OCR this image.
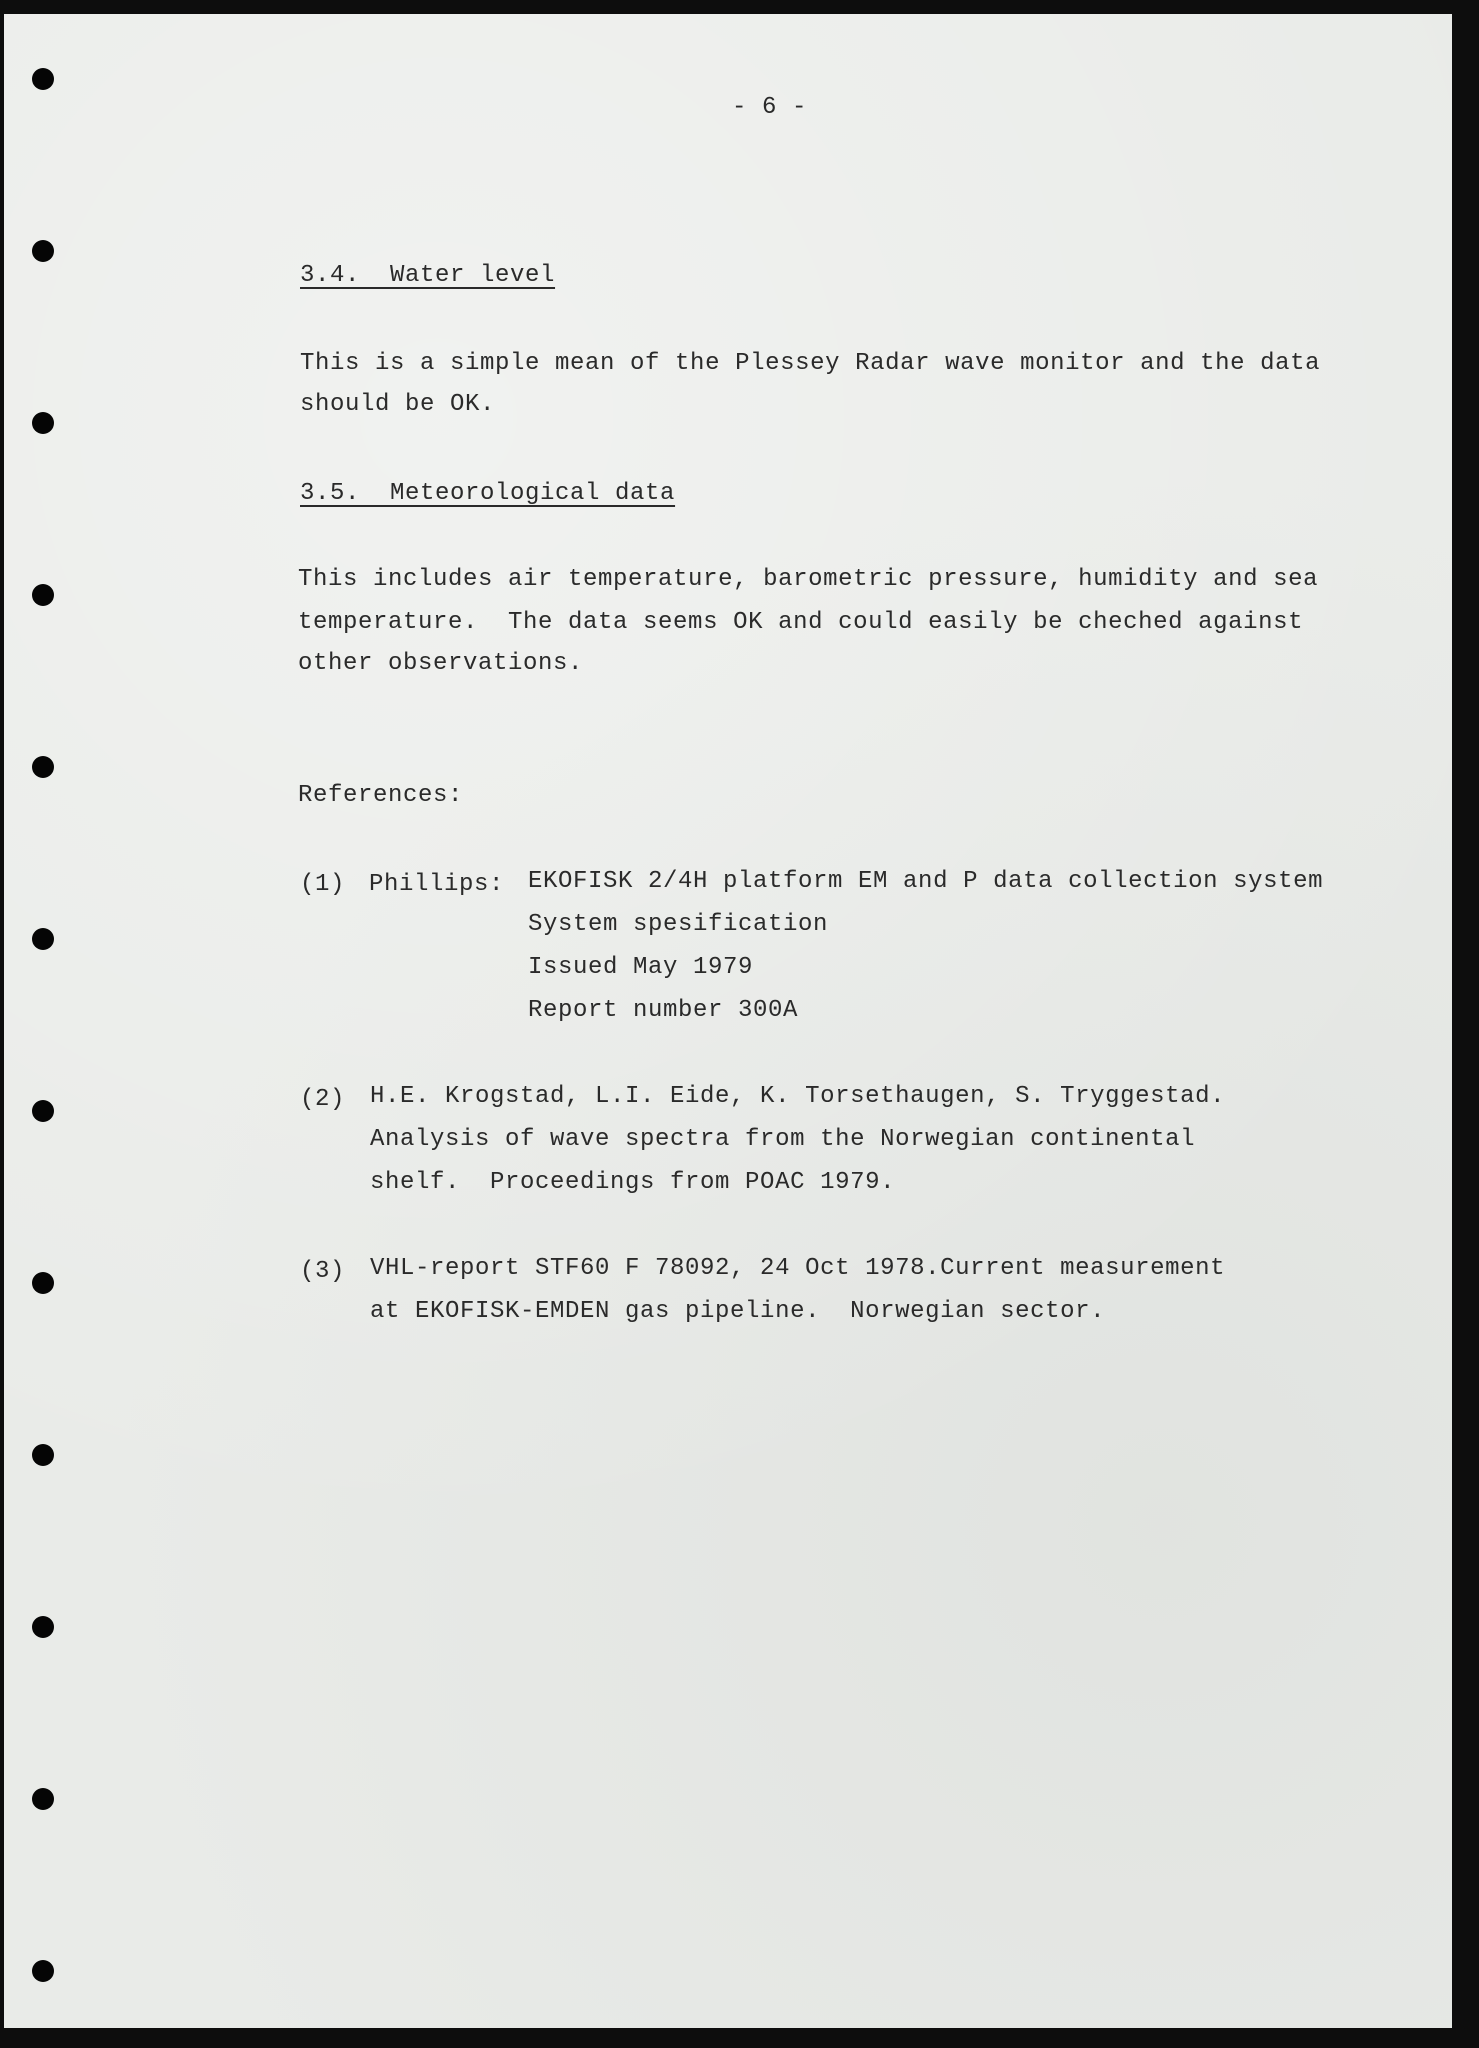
- 6 -
3.4.  Water level
This is a simple mean of the Plessey Radar wave monitor and the data
should be OK.
3.5.  Meteorological data
This includes air temperature, barometric pressure, humidity and sea
temperature.  The data seems OK and could easily be cheched against
other observations.
References:
(1) Phillips: EKOFISK 2/4H platform EM and P data collection system
System spesification
Issued May 1979
Report number 300A
(2) H.E. Krogstad, L.I. Eide, K. Torsethaugen, S. Tryggestad.
Analysis of wave spectra from the Norwegian continental
shelf.  Proceedings from POAC 1979.
(3) VHL-report STF60 F 78092, 24 Oct 1978.Current measurement
at EKOFISK-EMDEN gas pipeline.  Norwegian sector.
